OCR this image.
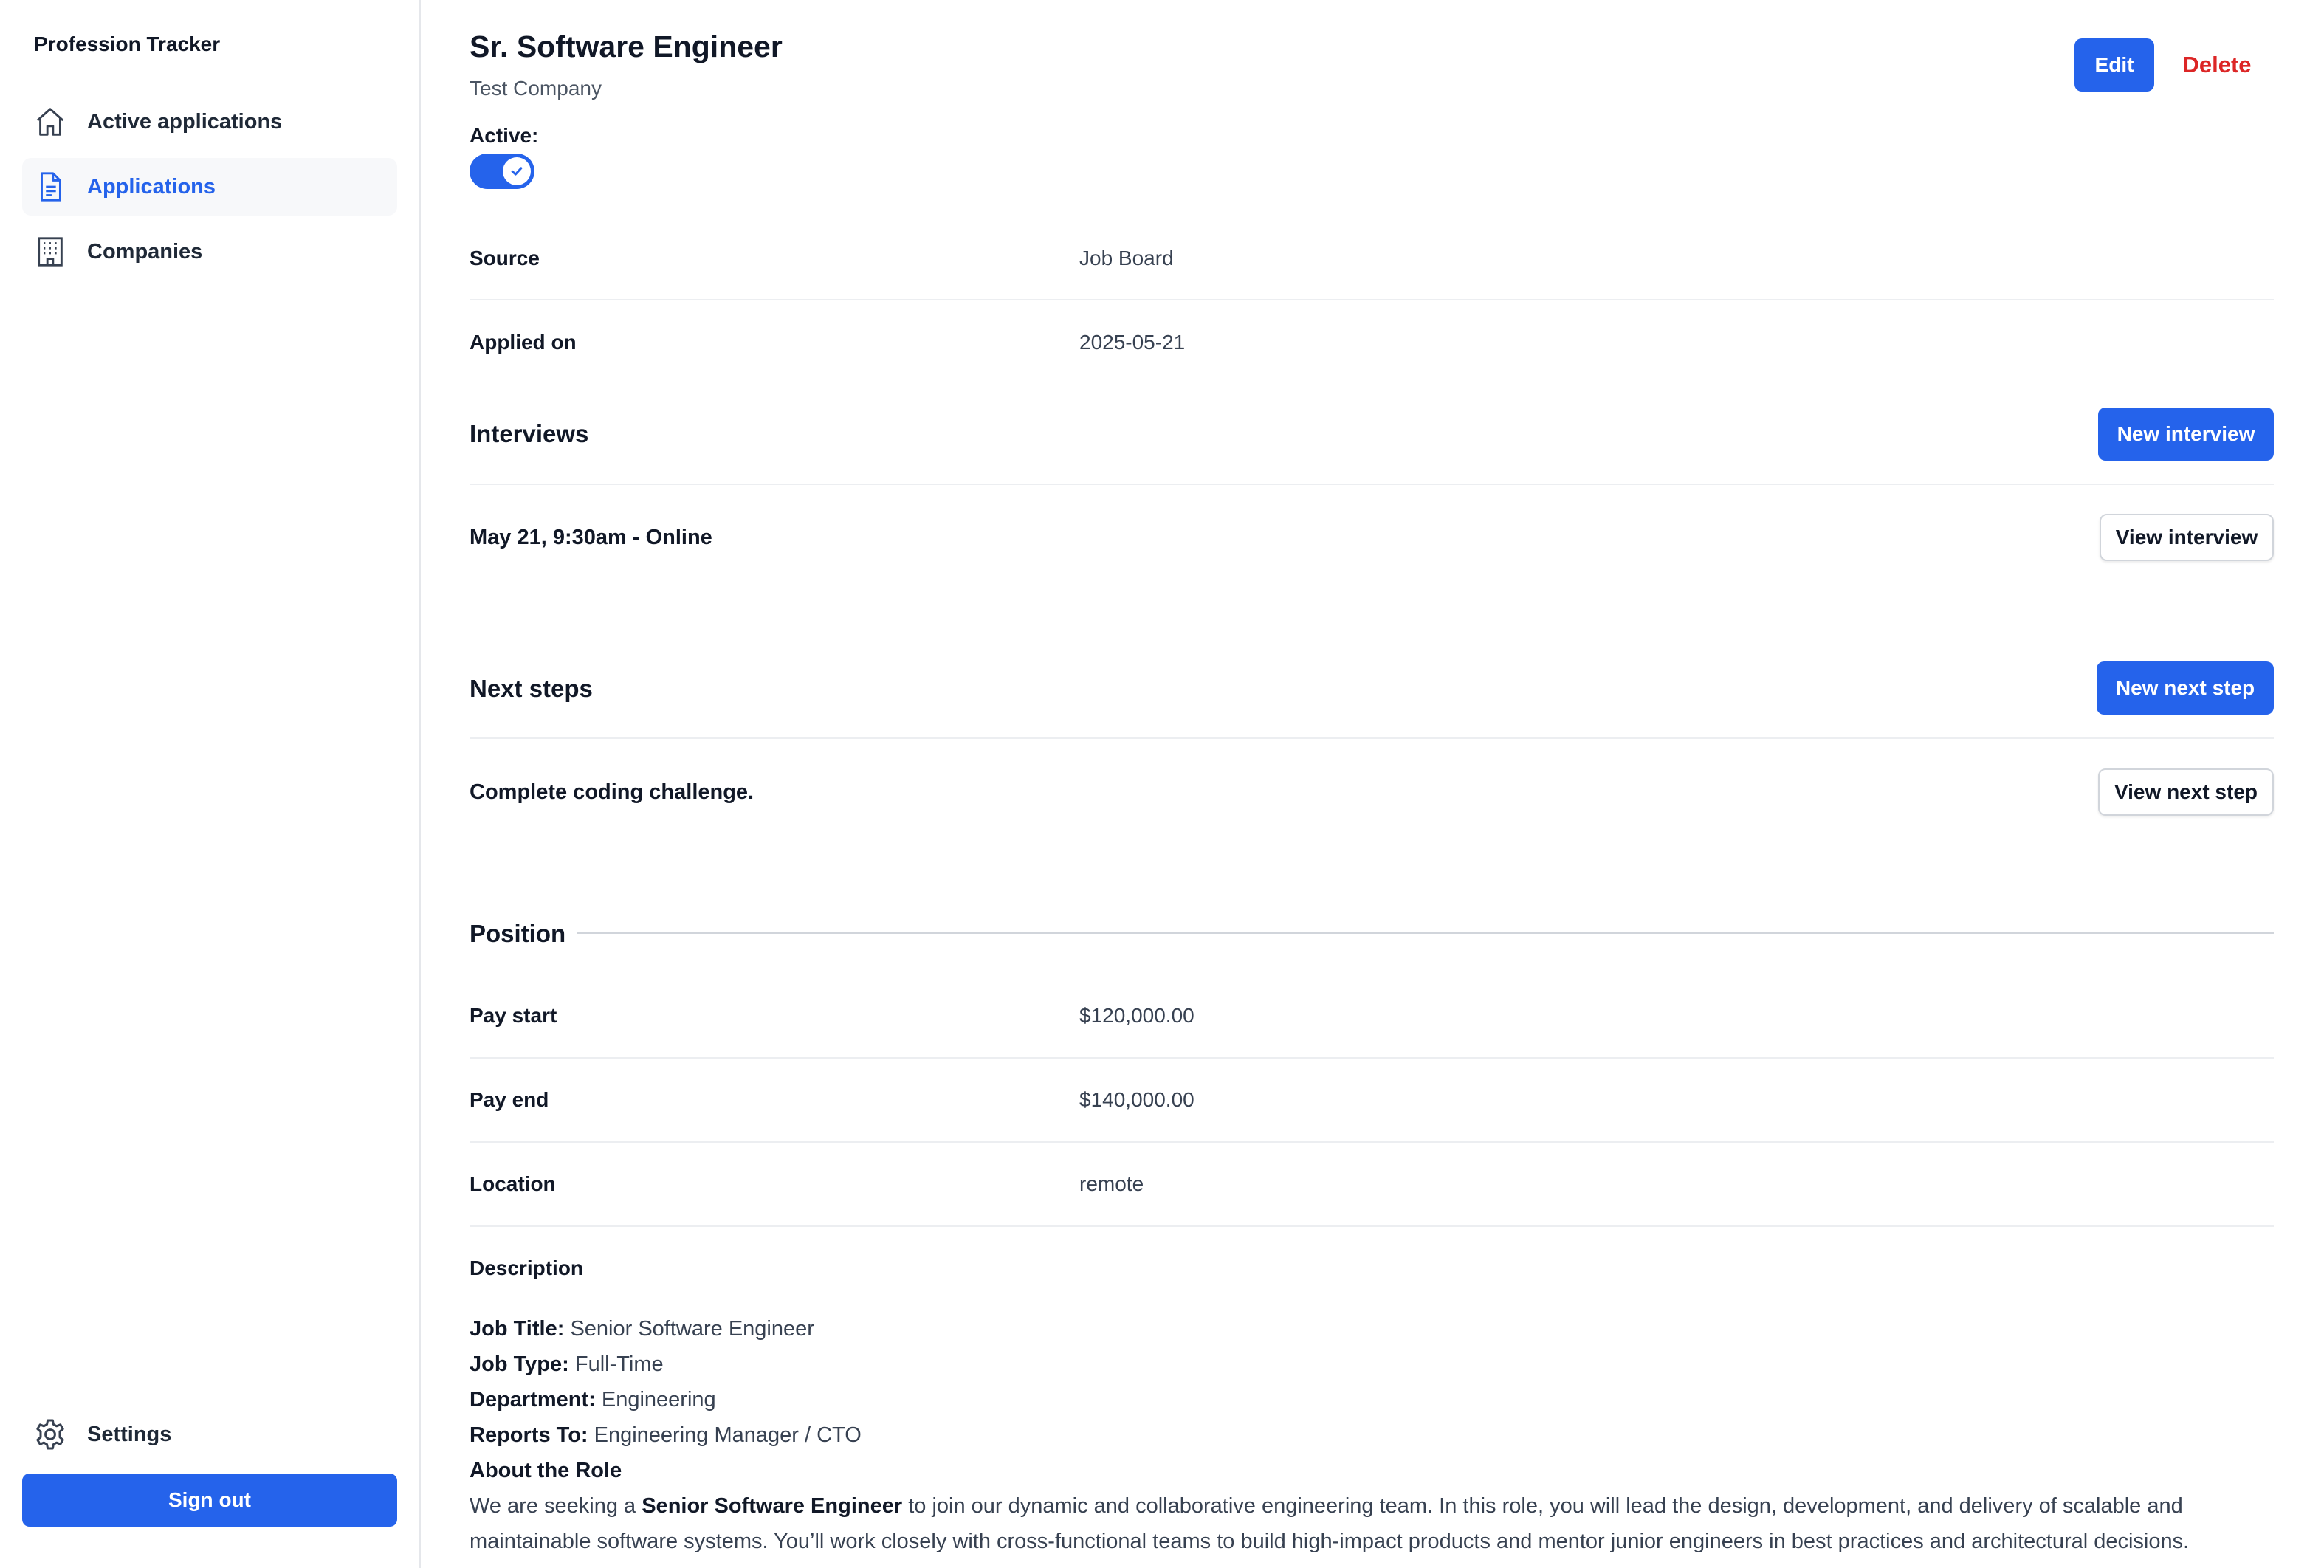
Profession Tracker
Active applications
Applications
Companies
Settings
Sign out
Sr. Software Engineer
Test Company
Edit	Delete
Active:
Source	Job Board
Applied on	2025-05-21
Interviews	New interview
May 21, 9:30am - Online	View interview
Next steps	New next step
Complete coding challenge.	View next step
Position
Pay start	$120,000.00
Pay end	$140,000.00
Location	remote
Description

Job Title: Senior Software Engineer

Job Type: Full-Time

Department: Engineering

Reports To: Engineering Manager / CTO

About the Role

We are seeking a Senior Software Engineer to join our dynamic and collaborative engineering team. In this role, you will lead the design, development, and delivery of scalable and maintainable software systems. You’ll work closely with cross-functional teams to build high-impact products and mentor junior engineers in best practices and architectural decisions.
